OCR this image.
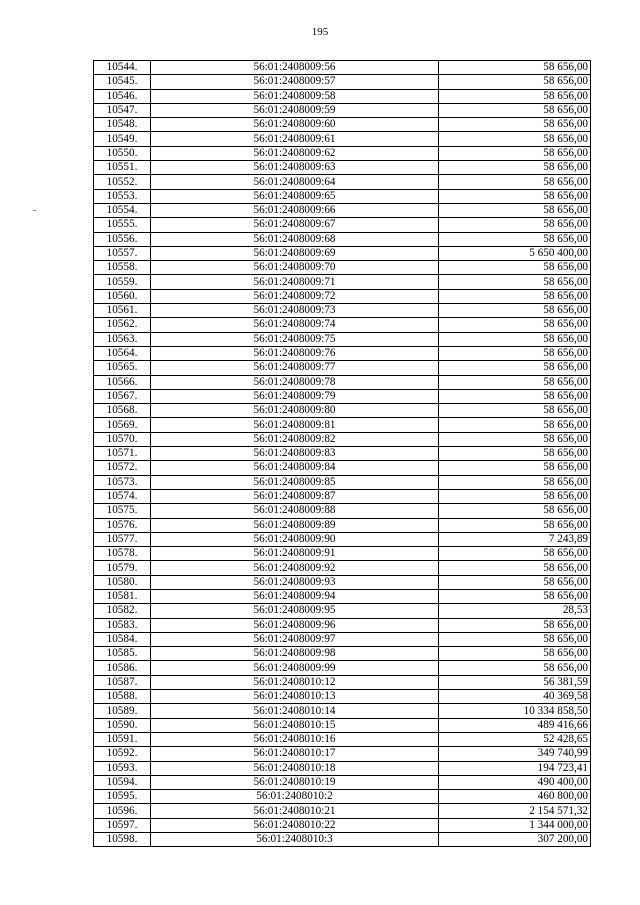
195
10544.	56:01:2408009:56	58 656,00
10545.	56:01:2408009:57	58 656,00
10546.	56:01:2408009:58	58 656,00
10547.	56:01:2408009:59	58 656,00
10548.	56:01:2408009:60	58 656,00
10549.	56:01:2408009:61	58 656,00
10550.	56:01:2408009:62	58 656,00
10551.	56:01:2408009:63	58 656,00
10552.	56:01:2408009:64	58 656,00
10553.	56:01:2408009:65	58 656,00
10554.	56:01:2408009:66	58 656,00
10555.	56:01:2408009:67	58 656,00
10556.	56:01:2408009:68	58 656,00
10557.	56:01:2408009:69	5 650 400,00
10558.	56:01:2408009:70	58 656,00
10559.	56:01:2408009:71	58 656,00
10560.	56:01:2408009:72	58 656,00
10561.	56:01:2408009:73	58 656,00
10562.	56:01:2408009:74	58 656,00
10563.	56:01:2408009:75	58 656,00
10564.	56:01:2408009:76	58 656,00
10565.	56:01:2408009:77	58 656,00
10566.	56:01:2408009:78	58 656,00
10567.	56:01:2408009:79	58 656,00
10568.	56:01:2408009:80	58 656,00
10569.	56:01:2408009:81	58 656,00
10570.	56:01:2408009:82	58 656,00
10571.	56:01:2408009:83	58 656,00
10572.	56:01:2408009:84	58 656,00
10573.	56:01:2408009:85	58 656,00
10574.	56:01:2408009:87	58 656,00
10575.	56:01:2408009:88	58 656,00
10576.	56:01:2408009:89	58 656,00
10577.	56:01:2408009:90	7 243,89
10578.	56:01:2408009:91	58 656,00
10579.	56:01:2408009:92	58 656,00
10580.	56:01:2408009:93	58 656,00
10581.	56:01:2408009:94	58 656,00
10582.	56:01:2408009:95	28,53
10583.	56:01:2408009:96	58 656,00
10584.	56:01:2408009:97	58 656,00
10585.	56:01:2408009:98	58 656,00
10586.	56:01:2408009:99	58 656,00
10587.	56:01:2408010:12	56 381,59
10588.	56:01:2408010:13	40 369,58
10589.	56:01:2408010:14	10 334 858,50
10590.	56:01:2408010:15	489 416,66
10591.	56:01:2408010:16	52 428,65
10592.	56:01:2408010:17	349 740,99
10593.	56:01:2408010:18	194 723,41
10594.	56:01:2408010:19	490 400,00
10595.	56:01:2408010:2	460 800,00
10596.	56:01:2408010:21	2 154 571,32
10597.	56:01:2408010:22	1 344 000,00
10598.	56:01:2408010:3	307 200,00
